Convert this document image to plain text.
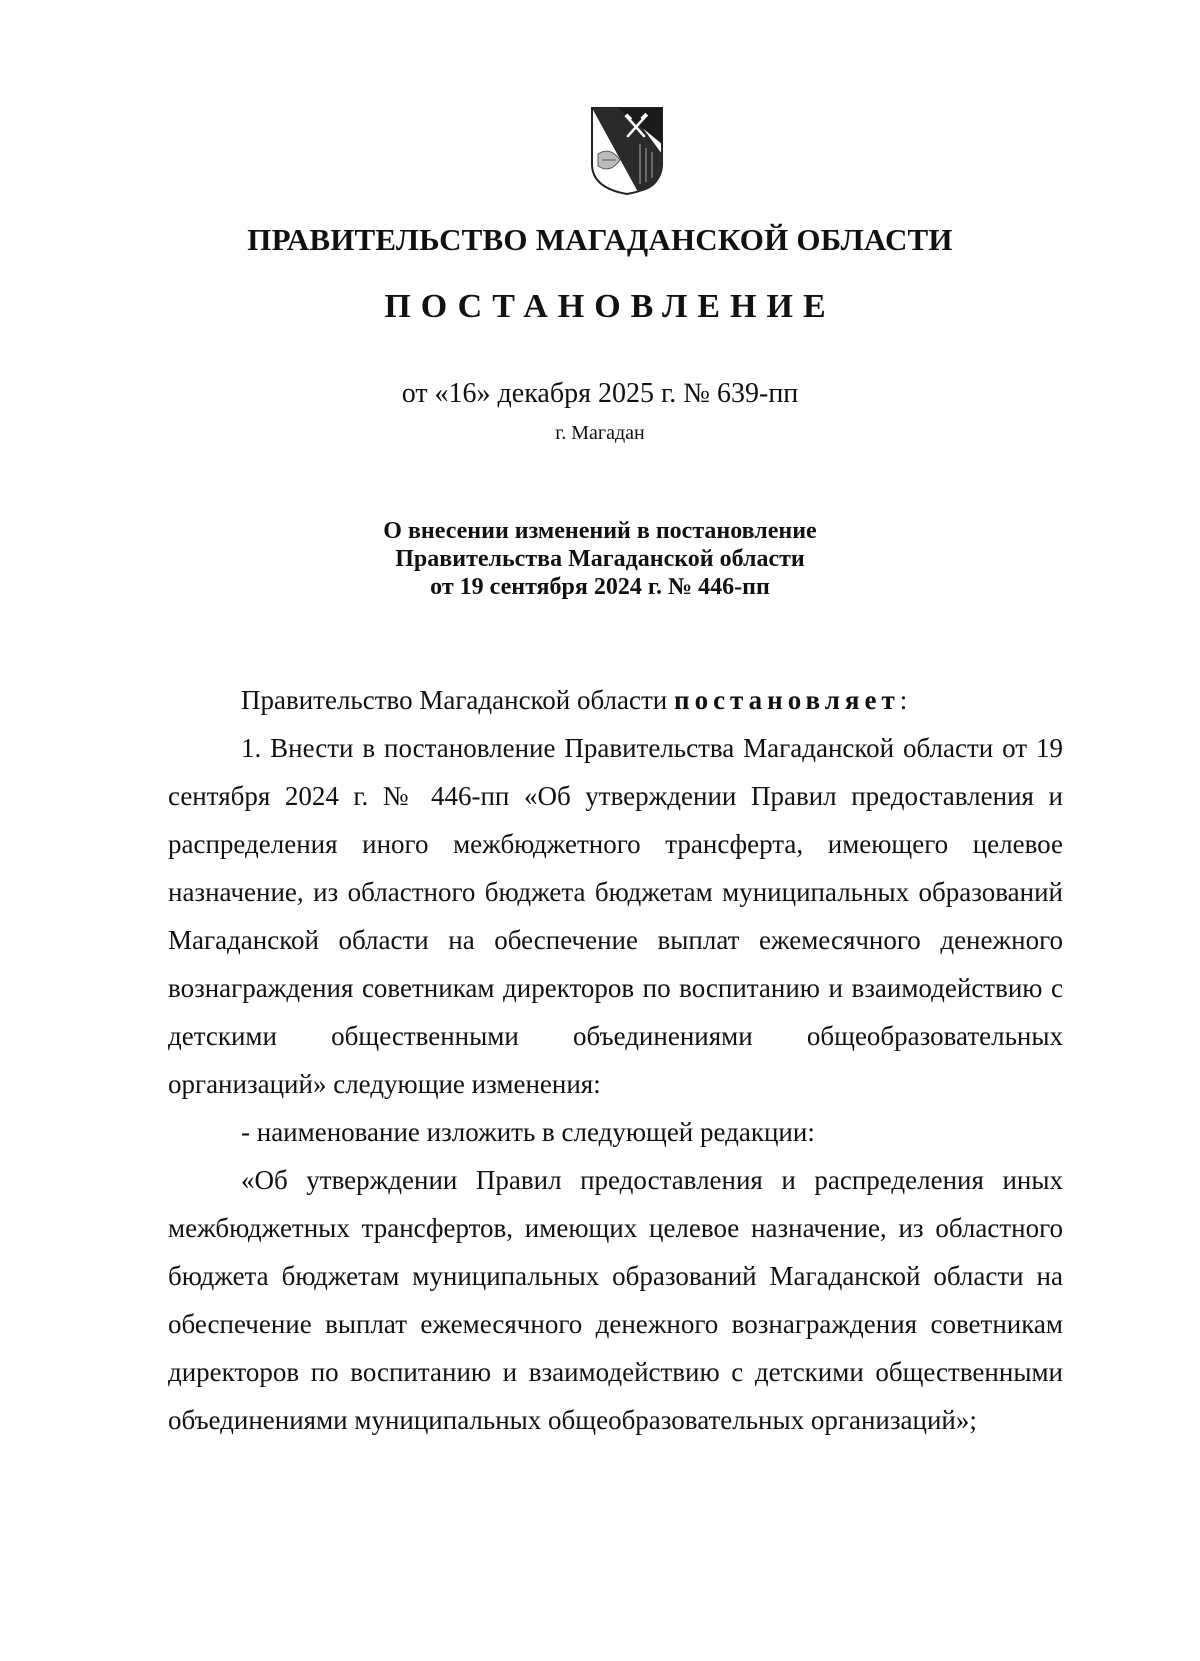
ПРАВИТЕЛЬСТВО МАГАДАНСКОЙ ОБЛАСТИ
ПОСТАНОВЛЕНИЕ
от «16» декабря 2025 г. № 639-пп
г. Магадан
О внесении изменений в постановление
Правительства Магаданской области
от 19 сентября 2024 г. № 446-пп

Правительство Магаданской области постановляет:

1. Внести в постановление Правительства Магаданской области от 19 сентября 2024 г. № 446-пп «Об утверждении Правил предоставления и распределения иного межбюджетного трансферта, имеющего целевое назначение, из областного бюджета бюджетам муниципальных образований Магаданской области на обеспечение выплат ежемесячного денежного вознаграждения советникам директоров по воспитанию и взаимодействию с детскими общественными объединениями общеобразовательных организаций» следующие изменения:

- наименование изложить в следующей редакции:

«Об утверждении Правил предоставления и распределения иных межбюджетных трансфертов, имеющих целевое назначение, из областного бюджета бюджетам муниципальных образований Магаданской области на обеспечение выплат ежемесячного денежного вознаграждения советникам директоров по воспитанию и взаимодействию с детскими общественными объединениями муниципальных общеобразовательных организаций»;
